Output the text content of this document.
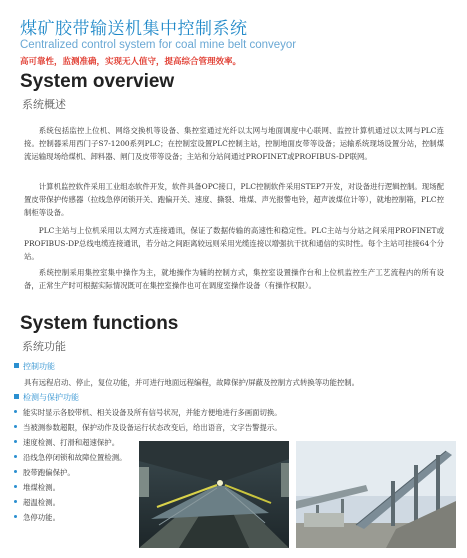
煤矿胶带输送机集中控制系统
Centralized control system for coal mine belt conveyor
高可靠性，监测准确，实现无人值守，提高综合管理效率。
System overview
系统概述

系统包括监控上位机、网络交换机等设备、集控室通过光纤以太网与地面调度中心联网、监控计算机通过以太网与PLC连接。控制器采用西门子S7-1200系列PLC；在控制室设置PLC控制主站，控制地面皮带等设备；运输系统现场设置分站，控制煤流运输现场给煤机、卸料器、闸门及皮带等设备；主站和分站间通过PROFINET或PROFIBUS-DP联网。

计算机监控软件采用工业组态软件开发，软件具备OPC接口，PLC控制软件采用STEP7开发，对设备进行逻辑控制。现场配置皮带保护传感器（拉线急停闭锁开关、跑偏开关、速度、撕裂、堆煤、声光报警电铃，超声波煤位计等），就地控制箱，PLC控制柜等设备。

PLC主站与上位机采用以太网方式连接通讯，保证了数据传输的高速性和稳定性。PLC主站与分站之间采用PROFINET或PROFIBUS-DP总线电缆连接通讯，若分站之间距离较远则采用光缆连接以增强抗干扰和通信的实时性。每个主站可挂接64个分站。

系统控制采用集控室集中操作为主，就地操作为辅的控制方式，集控室设置操作台和上位机监控生产工艺流程内的所有设备，正常生产时可根据实际情况既可在集控室操作也可在调度室操作设备（有操作权限）。

System functions
系统功能
控制功能
具有远程启动、停止，复位功能，并可进行地面远程编程，故障保护/屏蔽及控制方式转换等功能控制。
检测与保护功能
能实时显示各胶带机、相关设备及所有信号状况，并能方便地进行多画面切换。
当被测参数超限，保护动作及设备运行状态改变后，给出语音，文字告警提示。
速度检测、打滑和超速保护。
沿线急停闭锁和故障位置检测。
胶带跑偏保护。
堆煤检测。
超温检测。
急停功能。
